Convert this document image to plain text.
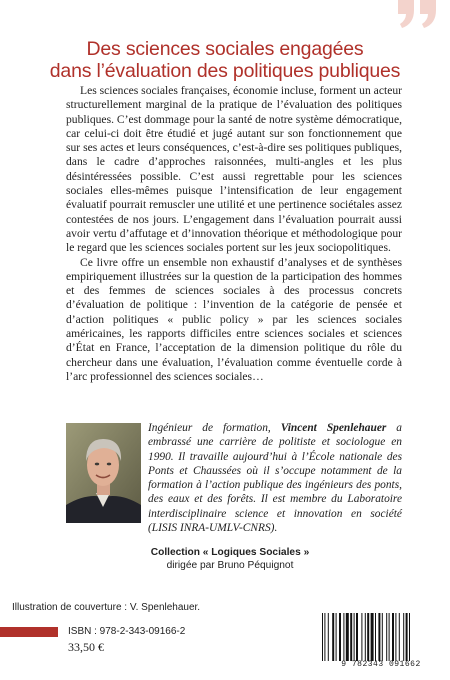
Des sciences sociales engagées
dans l’évaluation des politiques publiques

Les sciences sociales françaises, économie incluse, forment un acteur structurellement marginal de la pratique de l’évaluation des politiques publiques. C’est dommage pour la santé de notre système démocratique, car celui-ci doit être étudié et jugé autant sur son fonctionnement que sur ses actes et leurs conséquences, c’est-à-dire ses politiques publiques, dans le cadre d’approches raisonnées, multi-angles et les plus désintéressées possible. C’est aussi regrettable pour les sciences sociales elles-mêmes puisque l’intensification de leur engagement évaluatif pourrait remuscler une utilité et une pertinence sociétales assez contestées de nos jours. L’engagement dans l’évaluation pourrait aussi avoir vertu d’affutage et d’innovation théorique et méthodologique pour le regard que les sciences sociales portent sur les jeux sociopolitiques.

Ce livre offre un ensemble non exhaustif d’analyses et de synthèses empiriquement illustrées sur la question de la participation des hommes et des femmes de sciences sociales à des processus concrets d’évaluation de politique : l’invention de la catégorie de pensée et d’action politiques « public policy » par les sciences sociales américaines, les rapports difficiles entre sciences sociales et sciences d’État en France, l’acceptation de la dimension politique du rôle du chercheur dans une évaluation, l’évaluation comme éventuelle corde à l’arc professionnel des sciences sociales…

Ingénieur de formation, Vincent Spenlehauer a embrassé une carrière de politiste et sociologue en 1990. Il travaille aujourd’hui à l’École nationale des Ponts et Chaussées où il s’occupe notamment de la formation à l’action publique des ingénieurs des ponts, des eaux et des forêts. Il est membre du Laboratoire interdisciplinaire science et innovation en société (LISIS INRA-UMLV-CNRS).
Collection « Logiques Sociales »
dirigée par Bruno Péquignot
Illustration de couverture : V. Spenlehauer.
ISBN : 978-2-343-09166-2
33,50 €
9 782343 091662
